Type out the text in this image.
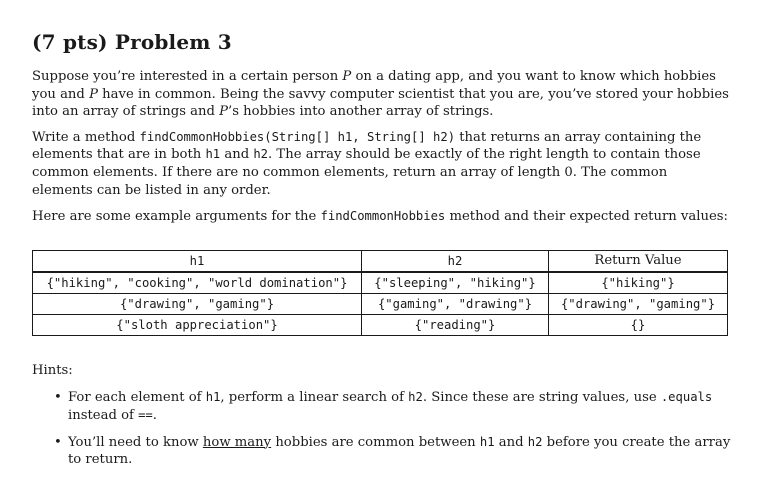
(7 pts) Problem 3

Suppose you’re interested in a certain person P on a dating app, and you want to know which hobbies you and P have in common. Being the savvy computer scientist that you are, you’ve stored your hobbies into an array of strings and P’s hobbies into another array of strings.

Write a method findCommonHobbies(String[] h1, String[] h2) that returns an array containing the elements that are in both h1 and h2. The array should be exactly of the right length to contain those common elements. If there are no common elements, return an array of length 0. The common elements can be listed in any order.

Here are some example arguments for the findCommonHobbies method and their expected return values:

h1	h2	Return Value
{"hiking", "cooking", "world domination"}	{"sleeping", "hiking"}	{"hiking"}
{"drawing", "gaming"}	{"gaming", "drawing"}	{"drawing", "gaming"}
{"sloth appreciation"}	{"reading"}	{}

Hints:

• For each element of h1, perform a linear search of h2. Since these are string values, use .equals instead of ==.
• You’ll need to know how many hobbies are common between h1 and h2 before you create the array to return.
